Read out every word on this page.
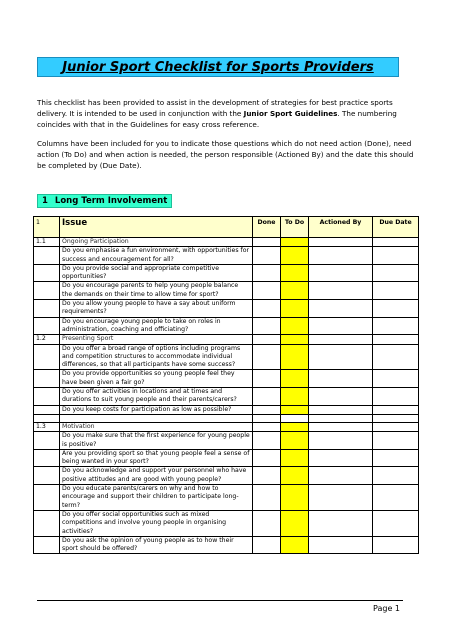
Junior Sport Checklist for Sports Providers

This checklist has been provided to assist in the development of strategies for best practice sports delivery. It is intended to be used in conjunction with the Junior Sport Guidelines. The numbering coincides with that in the Guidelines for easy cross reference.

Columns have been included for you to indicate those questions which do not need action (Done), need action (To Do) and when action is needed, the person responsible (Actioned By) and the date this should be completed by (Due Date).

1 Long Term Involvement
1	Issue	Done	To Do	Actioned By	Due Date
1.1	Ongoing Participation				
	Do you emphasise a fun environment, with opportunities for success and encouragement for all?				
	Do you provide social and appropriate competitive opportunities?				
	Do you encourage parents to help young people balance the demands on their time to allow time for sport?				
	Do you allow young people to have a say about uniform requirements?				
	Do you encourage young people to take on roles in administration, coaching and officiating?				
1.2	Presenting Sport				
	Do you offer a broad range of options including programs and competition structures to accommodate individual differences, so that all participants have some success?				
	Do you provide opportunities so young people feel they have been given a fair go?				
	Do you offer activities in locations and at times and durations to suit young people and their parents/carers?				
	Do you keep costs for participation as low as possible?				

1.3	Motivation				
	Do you make sure that the first experience for young people is positive?				
	Are you providing sport so that young people feel a sense of being wanted in your sport?				
	Do you acknowledge and support your personnel who have positive attitudes and are good with young people?				
	Do you educate parents/carers on why and how to encourage and support their children to participate long-term?				
	Do you offer social opportunities such as mixed competitions and involve young people in organising activities?				
	Do you ask the opinion of young people as to how their sport should be offered?				
Page 1
